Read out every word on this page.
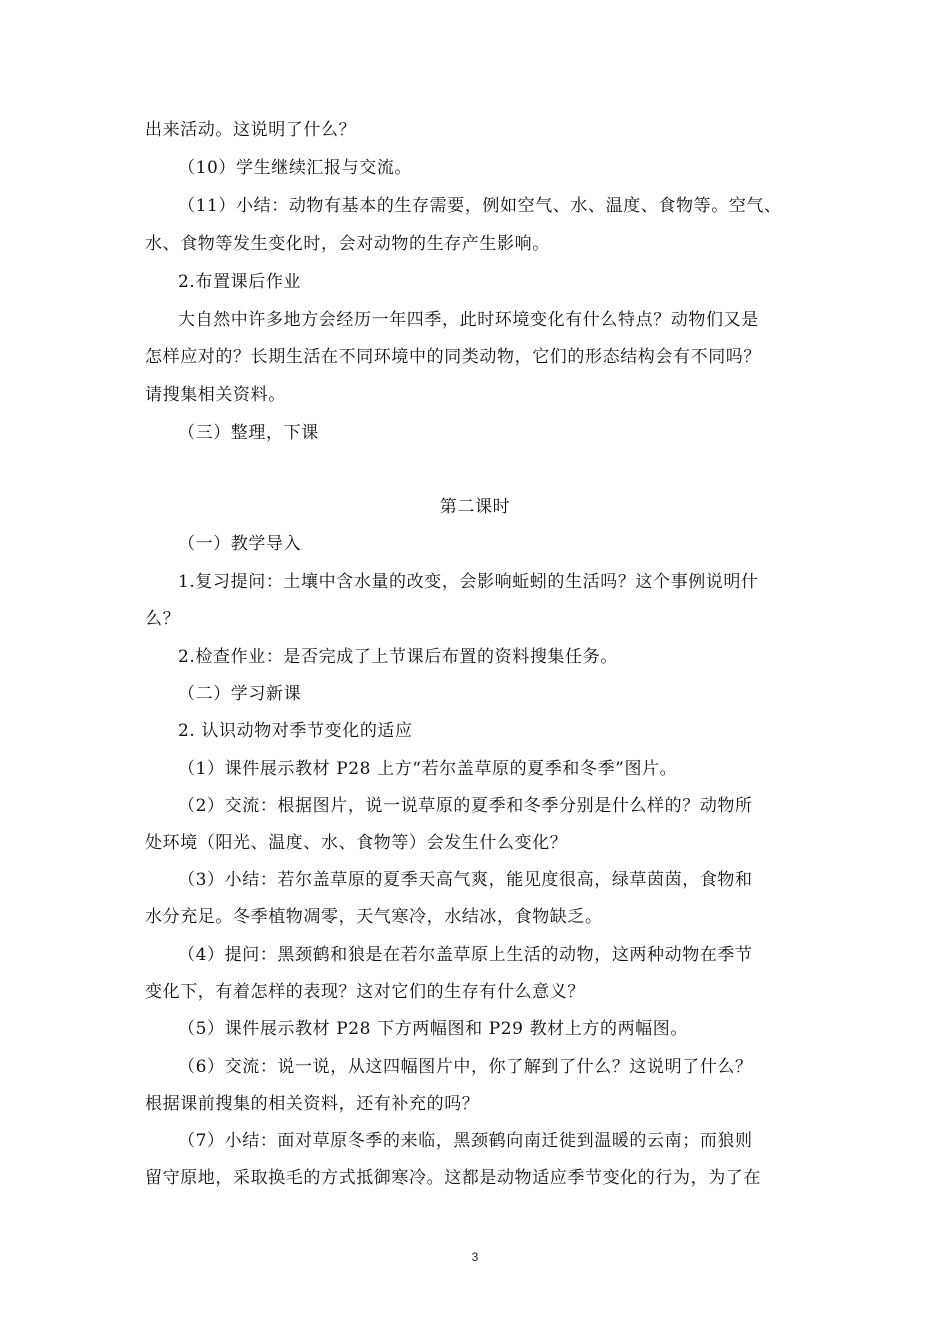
出来活动。这说明了什么？
（10）学生继续汇报与交流。
（11）小结：动物有基本的生存需要，例如空气、水、温度、食物等。空气、
水、食物等发生变化时，会对动物的生存产生影响。
2.布置课后作业
大自然中许多地方会经历一年四季，此时环境变化有什么特点？动物们又是
怎样应对的？长期生活在不同环境中的同类动物，它们的形态结构会有不同吗？
请搜集相关资料。
（三）整理，下课
第二课时
（一）教学导入
1.复习提问：土壤中含水量的改变，会影响蚯蚓的生活吗？这个事例说明什
么？
2.检查作业：是否完成了上节课后布置的资料搜集任务。
（二）学习新课
2. 认识动物对季节变化的适应
（1）课件展示教材 P28 上方“若尔盖草原的夏季和冬季”图片。
（2）交流：根据图片，说一说草原的夏季和冬季分别是什么样的？动物所
处环境（阳光、温度、水、食物等）会发生什么变化？
（3）小结：若尔盖草原的夏季天高气爽，能见度很高，绿草茵茵，食物和
水分充足。冬季植物凋零，天气寒冷，水结冰，食物缺乏。
（4）提问：黑颈鹤和狼是在若尔盖草原上生活的动物，这两种动物在季节
变化下，有着怎样的表现？这对它们的生存有什么意义？
（5）课件展示教材 P28 下方两幅图和 P29 教材上方的两幅图。
（6）交流：说一说，从这四幅图片中，你了解到了什么？这说明了什么？
根据课前搜集的相关资料，还有补充的吗？
（7）小结：面对草原冬季的来临，黑颈鹤向南迁徙到温暖的云南；而狼则
留守原地，采取换毛的方式抵御寒冷。这都是动物适应季节变化的行为，为了在
3
